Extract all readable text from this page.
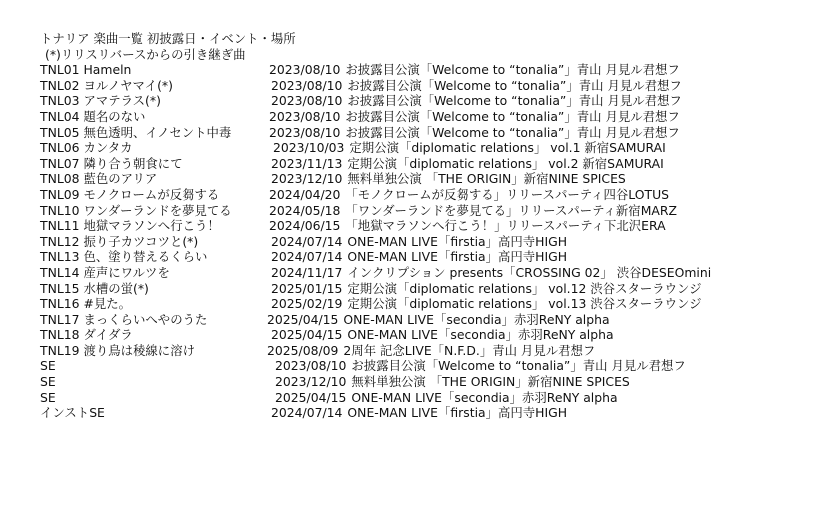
トナリア 楽曲一覧 初披露日・イベント・場所
(*)リリスリバースからの引き継ぎ曲
TNL01 Hameln	2023/08/10 お披露目公演「Welcome to “tonalia”」青山 月見ル君想フ
TNL02 ヨルノヤマイ(*)	2023/08/10 お披露目公演「Welcome to “tonalia”」青山 月見ル君想フ
TNL03 アマテラス(*)	2023/08/10 お披露目公演「Welcome to “tonalia”」青山 月見ル君想フ
TNL04 題名のない	2023/08/10 お披露目公演「Welcome to “tonalia”」青山 月見ル君想フ
TNL05 無色透明、イノセント中毒	2023/08/10 お披露目公演「Welcome to “tonalia”」青山 月見ル君想フ
TNL06 カンタカ	2023/10/03 定期公演「diplomatic relations」 vol.1 新宿SAMURAI
TNL07 隣り合う朝食にて	2023/11/13 定期公演「diplomatic relations」 vol.2 新宿SAMURAI
TNL08 藍色のアリア	2023/12/10 無料単独公演 「THE ORIGIN」新宿NINE SPICES
TNL09 モノクロームが反芻する	2024/04/20 「モノクロームが反芻する」リリースパーティ四谷LOTUS
TNL10 ワンダーランドを夢見てる	2024/05/18 「ワンダーランドを夢見てる」リリースパーティ新宿MARZ
TNL11 地獄マラソンへ行こう！	2024/06/15 「地獄マラソンへ行こう！」リリースパーティ下北沢ERA
TNL12 振り子カツコツと(*)	2024/07/14 ONE-MAN LIVE「firstia」高円寺HIGH
TNL13 色、塗り替えるくらい	2024/07/14 ONE-MAN LIVE「firstia」高円寺HIGH
TNL14 産声にワルツを	2024/11/17 インクリプション presents「CROSSING 02」 渋谷DESEOmini
TNL15 水槽の蛍(*)	2025/01/15 定期公演「diplomatic relations」 vol.12 渋谷スターラウンジ
TNL16 #見た。	2025/02/19 定期公演「diplomatic relations」 vol.13 渋谷スターラウンジ
TNL17 まっくらいへやのうた	2025/04/15 ONE-MAN LIVE「secondia」赤羽ReNY alpha
TNL18 ダイダラ	2025/04/15 ONE-MAN LIVE「secondia」赤羽ReNY alpha
TNL19 渡り鳥は稜線に溶け	2025/08/09 2周年 記念LIVE「N.F.D.」青山 月見ル君想フ
SE	2023/08/10 お披露目公演「Welcome to “tonalia”」青山 月見ル君想フ
SE	2023/12/10 無料単独公演 「THE ORIGIN」新宿NINE SPICES
SE	2025/04/15 ONE-MAN LIVE「secondia」赤羽ReNY alpha
インストSE	2024/07/14 ONE-MAN LIVE「firstia」高円寺HIGH
